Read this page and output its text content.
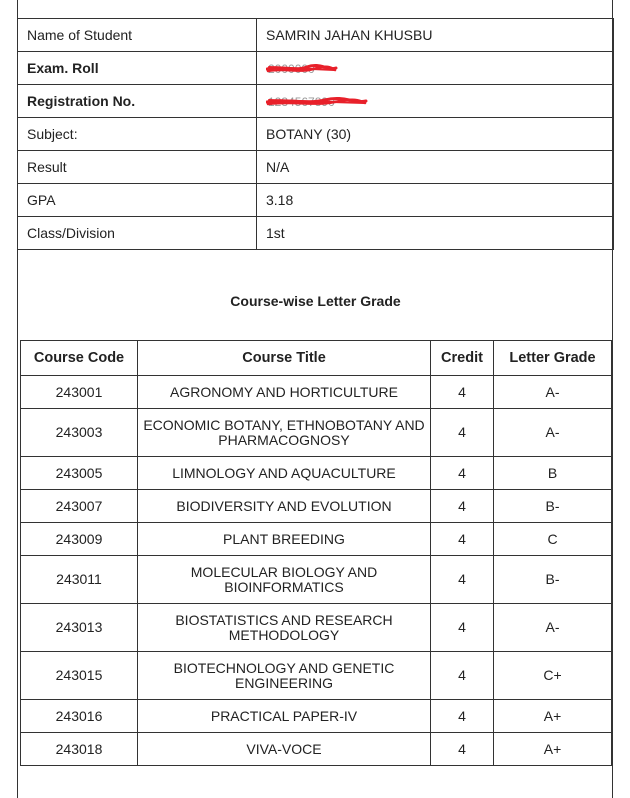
Name of Student	SAMRIN JAHAN KHUSBU
Exam. Roll	2000000

Registration No.	1234567890

Subject:	BOTANY (30)
Result	N/A
GPA	3.18
Class/Division	1st
Course-wise Letter Grade
Course Code	Course Title	Credit	Letter Grade
243001	AGRONOMY AND HORTICULTURE	4	A-
243003	ECONOMIC BOTANY, ETHNOBOTANY AND PHARMACOGNOSY	4	A-
243005	LIMNOLOGY AND AQUACULTURE	4	B
243007	BIODIVERSITY AND EVOLUTION	4	B-
243009	PLANT BREEDING	4	C
243011	MOLECULAR BIOLOGY AND BIOINFORMATICS	4	B-
243013	BIOSTATISTICS AND RESEARCH METHODOLOGY	4	A-
243015	BIOTECHNOLOGY AND GENETIC ENGINEERING	4	C+
243016	PRACTICAL PAPER-IV	4	A+
243018	VIVA-VOCE	4	A+
